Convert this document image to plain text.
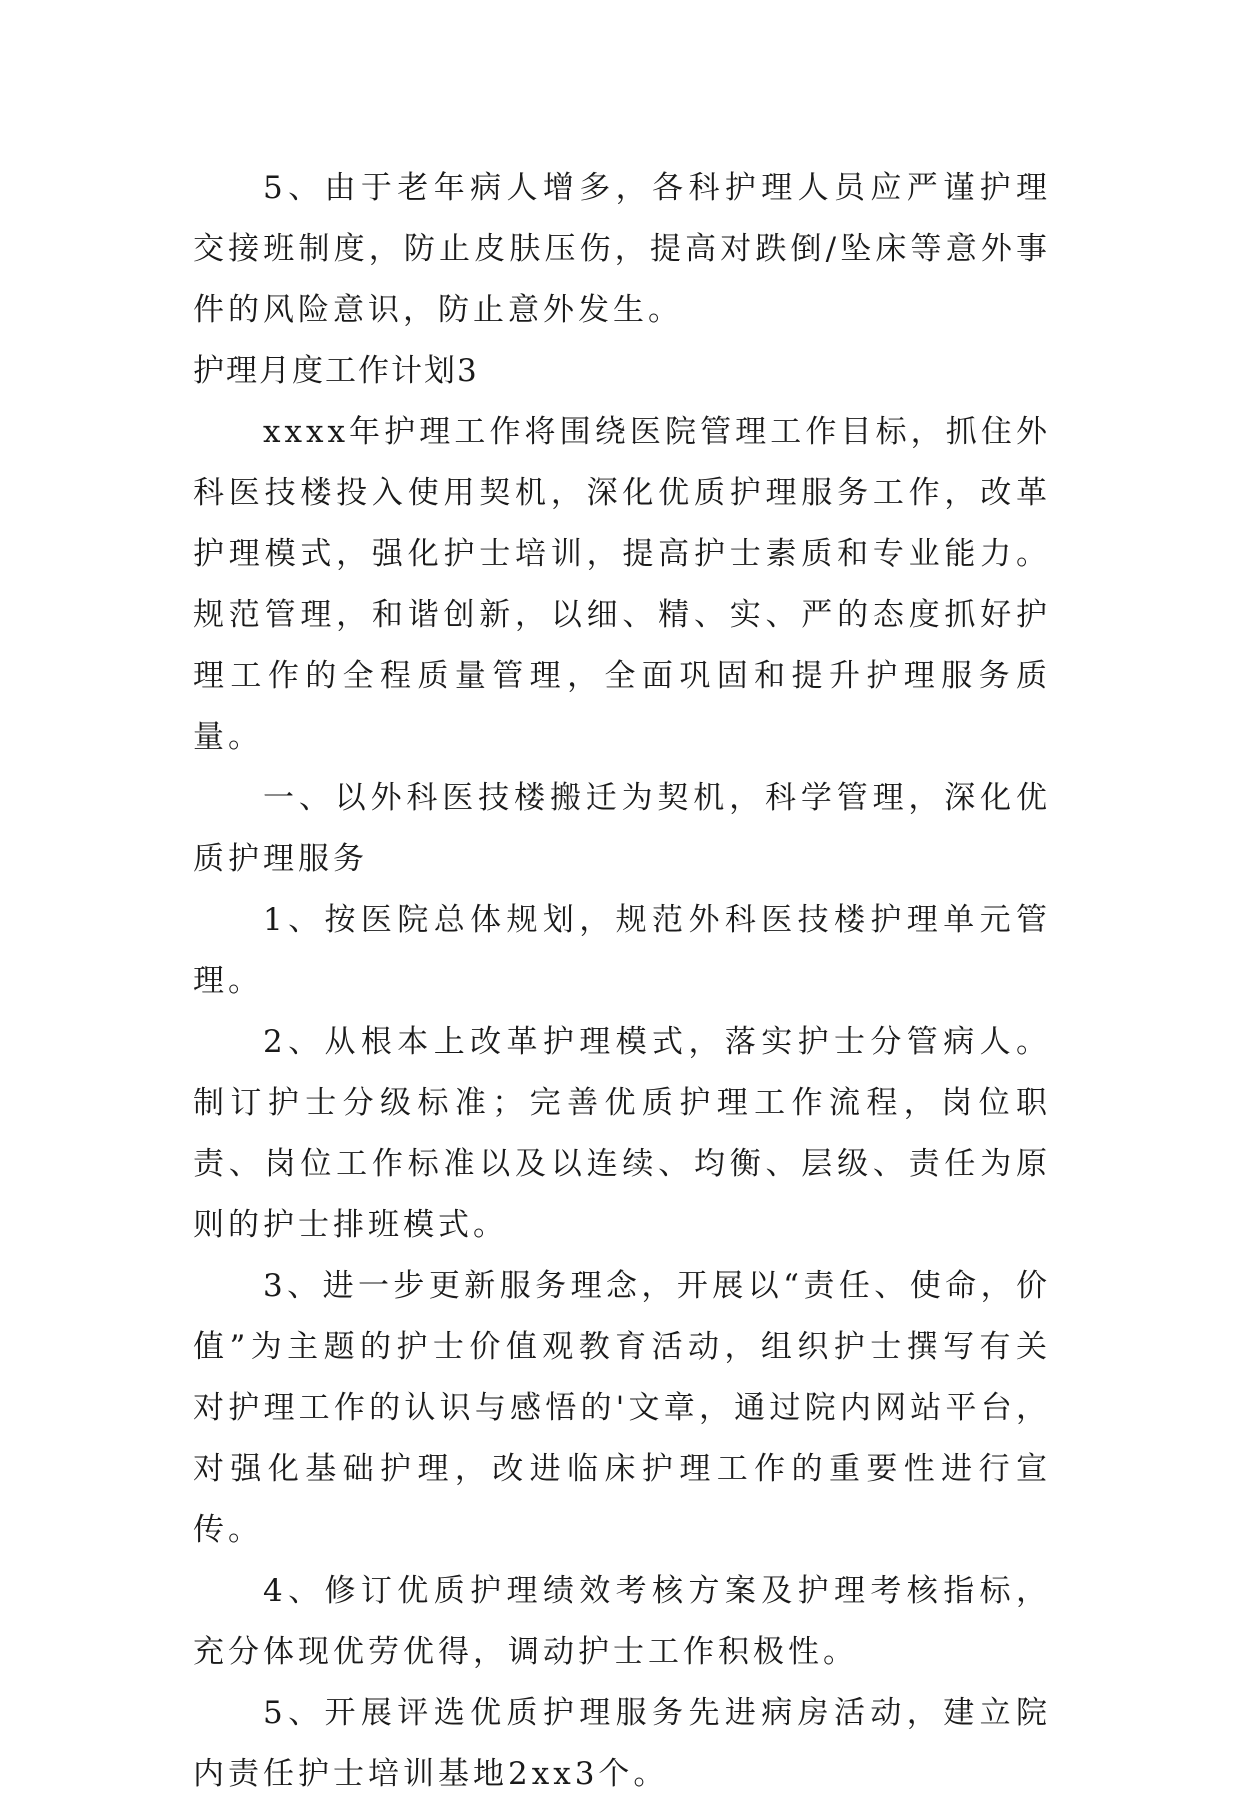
5、由于老年病人增多，各科护理人员应严谨护理交接班制度，防止皮肤压伤，提高对跌倒/坠床等意外事件的风险意识，防止意外发生。

护理月度工作计划3

xxxx年护理工作将围绕医院管理工作目标，抓住外科医技楼投入使用契机，深化优质护理服务工作，改革护理模式，强化护士培训，提高护士素质和专业能力。规范管理，和谐创新，以细、精、实、严的态度抓好护理工作的全程质量管理，全面巩固和提升护理服务质量。

一、以外科医技楼搬迁为契机，科学管理，深化优质护理服务

1、按医院总体规划，规范外科医技楼护理单元管理。

2、从根本上改革护理模式，落实护士分管病人。制订护士分级标准；完善优质护理工作流程，岗位职责、岗位工作标准以及以连续、均衡、层级、责任为原则的护士排班模式。

3、进一步更新服务理念，开展以“责任、使命，价值”为主题的护士价值观教育活动，组织护士撰写有关对护理工作的认识与感悟的'文章，通过院内网站平台，对强化基础护理，改进临床护理工作的重要性进行宣传。

4、修订优质护理绩效考核方案及护理考核指标，充分体现优劳优得，调动护士工作积极性。

5、开展评选优质护理服务先进病房活动，建立院内责任护士培训基地2xx3个。
